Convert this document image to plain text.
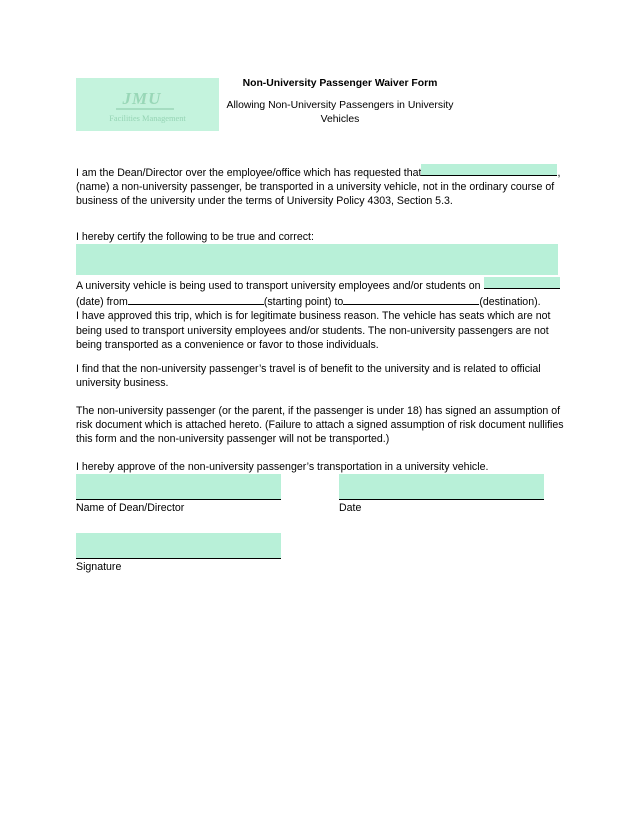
JMU
Facilities Management
Non-University Passenger Waiver Form
Allowing Non-University Passengers in University
Vehicles
I am the Dean/Director over the employee/office which has requested that	,
(name) a non-university passenger, be transported in a university vehicle, not in the ordinary course of
business of the university under the terms of University Policy 4303, Section 5.3.
I hereby certify the following to be true and correct:
A university vehicle is being used to transport university employees and/or students on
(date) from	(starting point) to	(destination).
I have approved this trip, which is for legitimate business reason. The vehicle has seats which are not
being used to transport university employees and/or students. The non-university passengers are not
being transported as a convenience or favor to those individuals.
I find that the non-university passenger’s travel is of benefit to the university and is related to official
university business.
The non-university passenger (or the parent, if the passenger is under 18) has signed an assumption of
risk document which is attached hereto. (Failure to attach a signed assumption of risk document nullifies
this form and the non-university passenger will not be transported.)
I hereby approve of the non-university passenger’s transportation in a university vehicle.
Name of Dean/Director	Date
Signature
